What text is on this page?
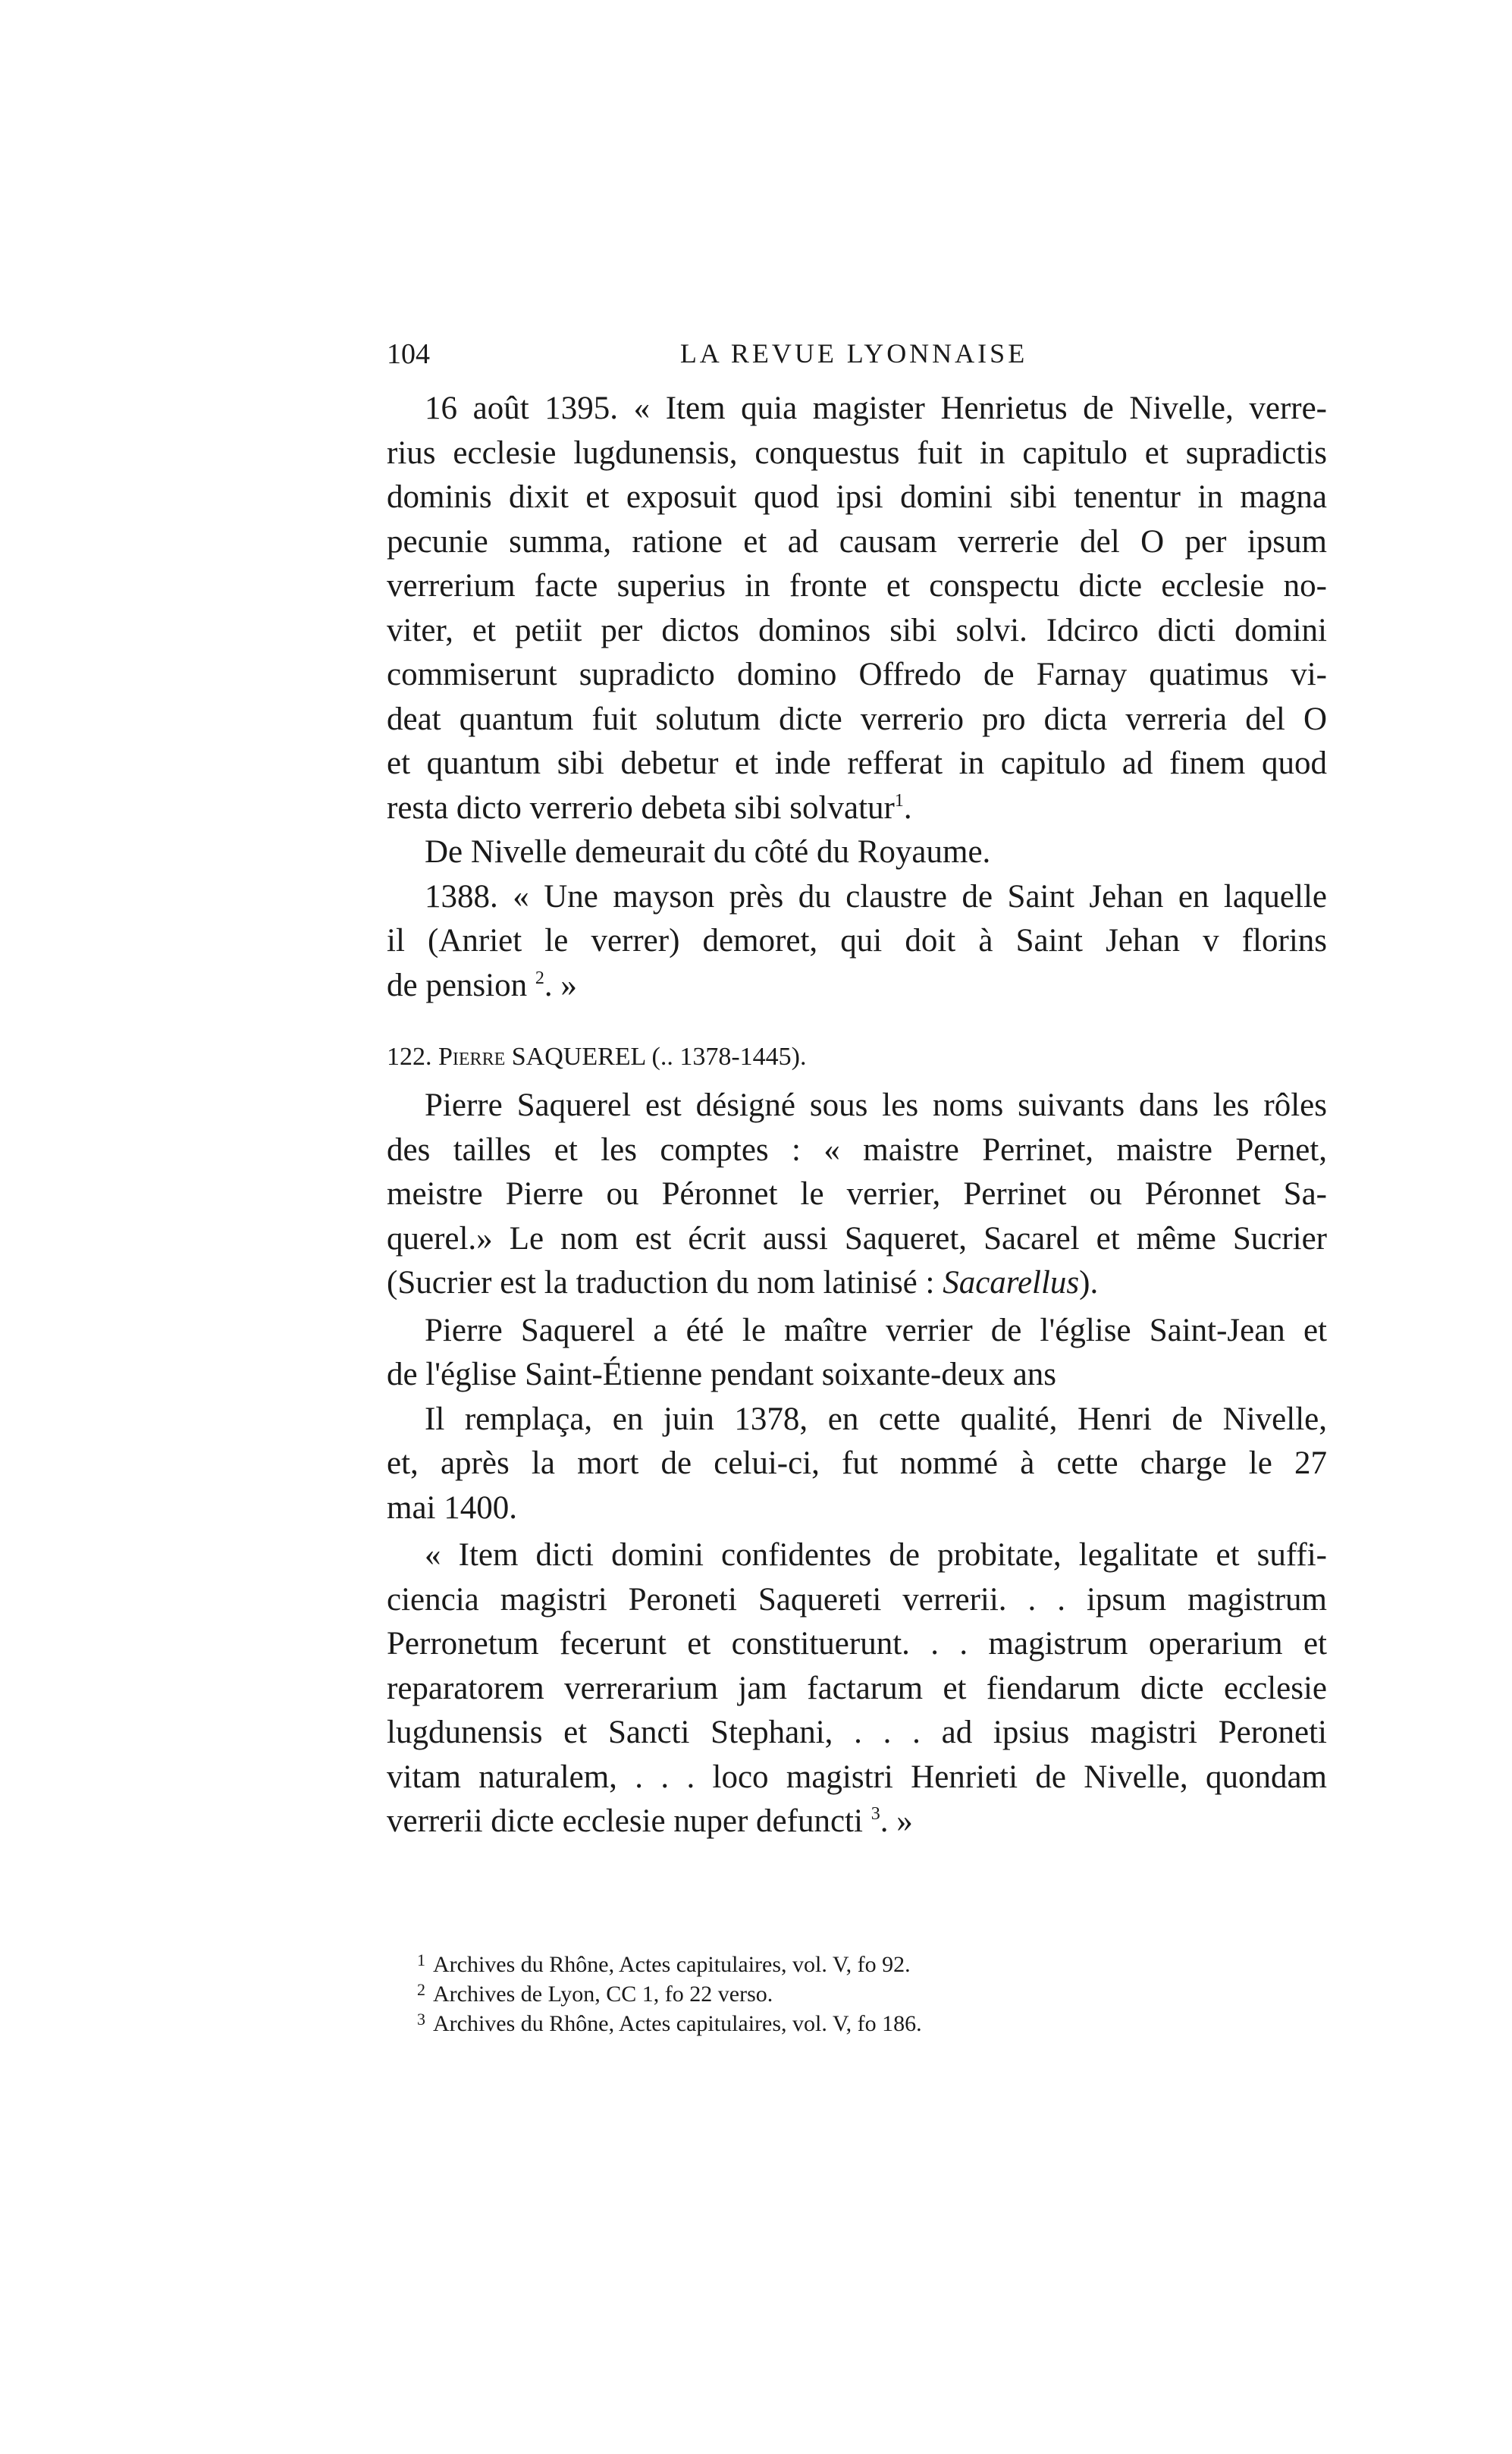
104	LA REVUE LYONNAISE
16 août 1395. « Item quia magister Henrietus de Nivelle, verre-
rius ecclesie lugdunensis, conquestus fuit in capitulo et supradictis
dominis dixit et exposuit quod ipsi domini sibi tenentur in magna
pecunie summa, ratione et ad causam verrerie del O per ipsum
verrerium facte superius in fronte et conspectu dicte ecclesie no-
viter, et petiit per dictos dominos sibi solvi. Idcirco dicti domini
commiserunt supradicto domino Offredo de Farnay quatimus vi-
deat quantum fuit solutum dicte verrerio pro dicta verreria del O
et quantum sibi debetur et inde refferat in capitulo ad finem quod
resta dicto verrerio debeta sibi solvatur$^1$.
De Nivelle demeurait du côté du Royaume.
1388. « Une mayson près du claustre de Saint Jehan en laquelle
il (Anriet le verrer) demoret, qui doit à Saint Jehan v florins
de pension $^2$. »
122. Pierre SAQUEREL (.. 1378-1445).
Pierre Saquerel est désigné sous les noms suivants dans les rôles
des tailles et les comptes : « maistre Perrinet, maistre Pernet,
meistre Pierre ou Péronnet le verrier, Perrinet ou Péronnet Sa-
querel.» Le nom est écrit aussi Saqueret, Sacarel et même Sucrier
(Sucrier est la traduction du nom latinisé : Sacarellus).
Pierre Saquerel a été le maître verrier de l'église Saint-Jean et
de l'église Saint-Étienne pendant soixante-deux ans
Il remplaça, en juin 1378, en cette qualité, Henri de Nivelle,
et, après la mort de celui-ci, fut nommé à cette charge le 27
mai 1400.
« Item dicti domini confidentes de probitate, legalitate et suffi-
ciencia magistri Peroneti Saquereti verrerii. . . ipsum magistrum
Perronetum fecerunt et constituerunt. . . magistrum operarium et
reparatorem verrerarium jam factarum et fiendarum dicte ecclesie
lugdunensis et Sancti Stephani, . . . ad ipsius magistri Peroneti
vitam naturalem, . . . loco magistri Henrieti de Nivelle, quondam
verrerii dicte ecclesie nuper defuncti $^3$. »
$^1$ Archives du Rhône, Actes capitulaires, vol. V, fo 92.
$^2$ Archives de Lyon, CC 1, fo 22 verso.
$^3$ Archives du Rhône, Actes capitulaires, vol. V, fo 186.
